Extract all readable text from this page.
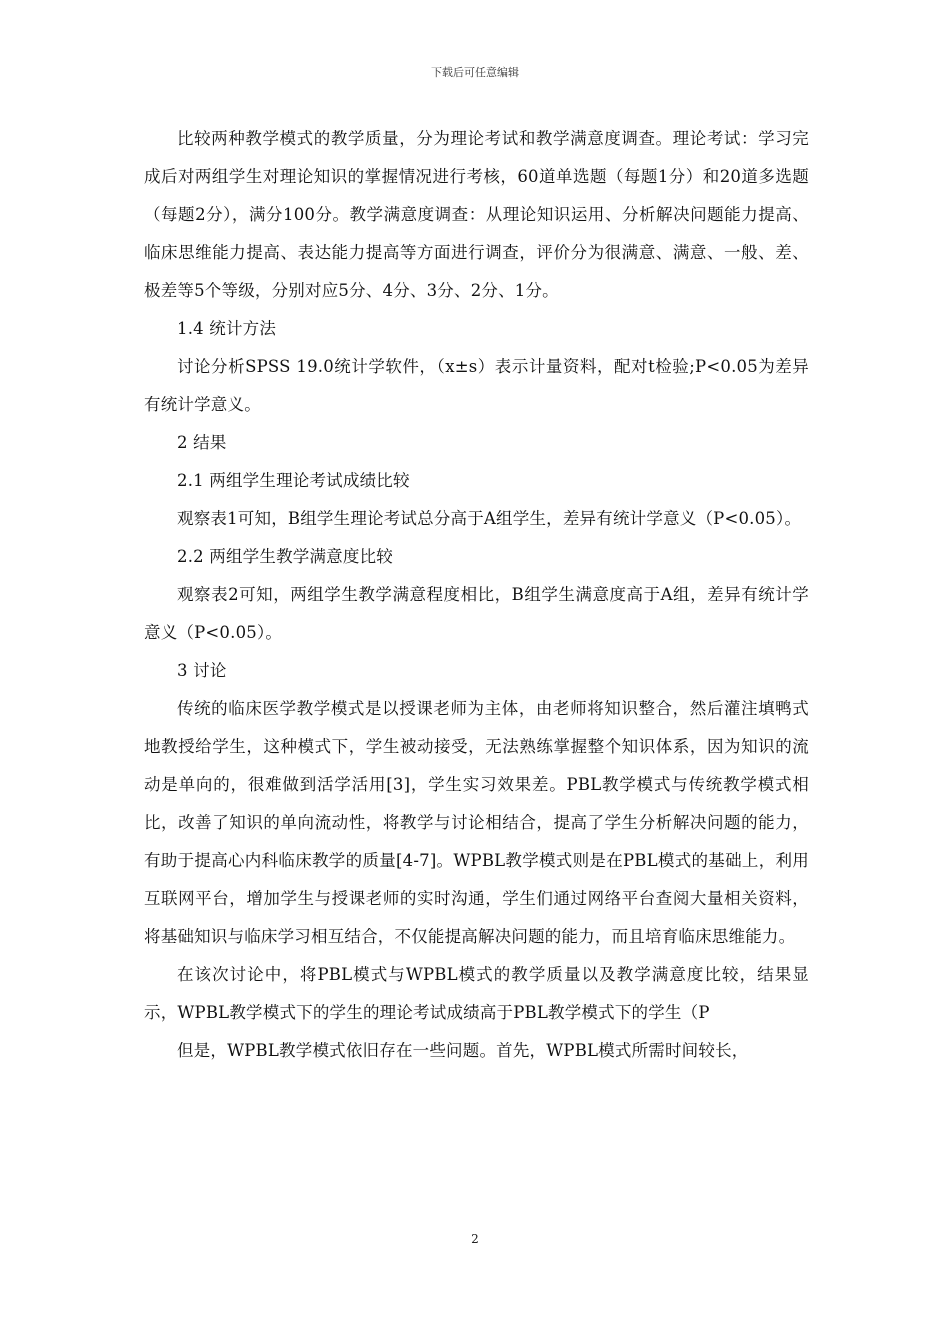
下载后可任意编辑

比较两种教学模式的教学质量，分为理论考试和教学满意度调查。理论考试：学习完成后对两组学生对理论知识的掌握情况进行考核，60道单选题（每题1分）和20道多选题（每题2分），满分100分。教学满意度调查：从理论知识运用、分析解决问题能力提高、临床思维能力提高、表达能力提高等方面进行调查，评价分为很满意、满意、一般、差、极差等5个等级，分别对应5分、4分、3分、2分、1分。

1.4 统计方法

讨论分析SPSS 19.0统计学软件，（x±s）表示计量资料，配对t检验;P<0.05为差异有统计学意义。

2 结果

2.1 两组学生理论考试成绩比较

观察表1可知，B组学生理论考试总分高于A组学生，差异有统计学意义（P<0.05）。

2.2 两组学生教学满意度比较

观察表2可知，两组学生教学满意程度相比，B组学生满意度高于A组，差异有统计学意义（P<0.05）。

3 讨论

传统的临床医学教学模式是以授课老师为主体，由老师将知识整合，然后灌注填鸭式地教授给学生，这种模式下，学生被动接受，无法熟练掌握整个知识体系，因为知识的流动是单向的，很难做到活学活用[3]，学生实习效果差。PBL教学模式与传统教学模式相比，改善了知识的单向流动性，将教学与讨论相结合，提高了学生分析解决问题的能力，有助于提高心内科临床教学的质量[4-7]。WPBL教学模式则是在PBL模式的基础上，利用互联网平台，增加学生与授课老师的实时沟通，学生们通过网络平台查阅大量相关资料，将基础知识与临床学习相互结合，不仅能提高解决问题的能力，而且培育临床思维能力。

在该次讨论中，将PBL模式与WPBL模式的教学质量以及教学满意度比较，结果显示，WPBL教学模式下的学生的理论考试成绩高于PBL教学模式下的学生（P

但是，WPBL教学模式依旧存在一些问题。首先，WPBL模式所需时间较长，

2
